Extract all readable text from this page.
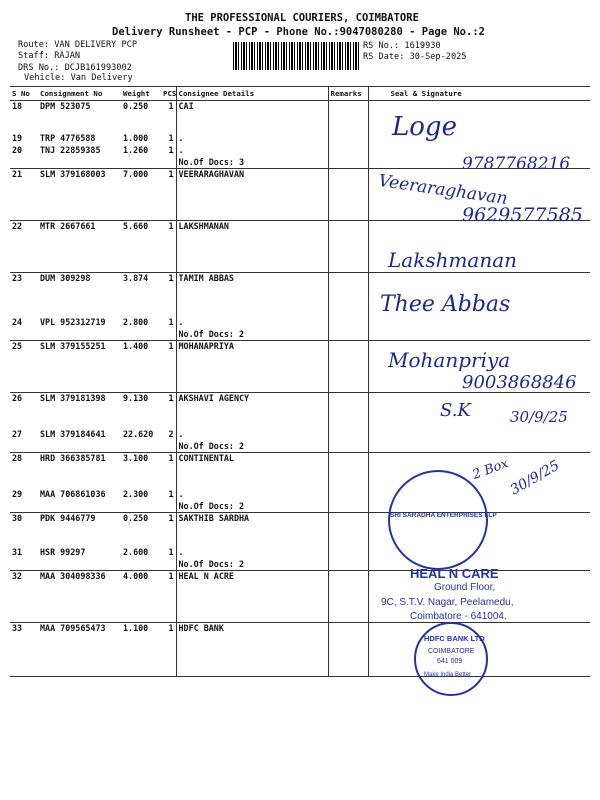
THE PROFESSIONAL COURIERS, COIMBATORE
Delivery Runsheet - PCP - Phone No.:9047080280 - Page No.:2
Route: VAN DELIVERY PCP
Staff: RAJAN
DRS No.: DCJB161993002
Vehicle: Van Delivery
RS No.: 1619930
RS Date: 30-Sep-2025
S No	Consignment No	Weight	PCS	Consignee Details	Remarks	Seal & Signature
18	DPM 523075	0.250	1	CAI		
19	TRP 4776588	1.000	1	.		
20	TNJ 22859385	1.260	1	.		
				No.Of Docs: 3		
21	SLM 379168003	7.000	1	VEERARAGHAVAN		
22	MTR 2667661	5.660	1	LAKSHMANAN		
23	DUM 309298	3.874	1	TAMIM ABBAS		
24	VPL 952312719	2.800	1	.		
				No.Of Docs: 2		
25	SLM 379155251	1.400	1	MOHANAPRIYA		
26	SLM 379181398	9.130	1	AKSHAVI AGENCY		
27	SLM 379184641	22.620	2	.		
				No.Of Docs: 2		
28	HRD 366385781	3.100	1	CONTINENTAL		
29	MAA 706861036	2.300	1	.		
				No.Of Docs: 2		
30	PDK 9446779	0.250	1	SAKTHIB SARDHA		
31	HSR 99297	2.600	1	.		
				No.Of Docs: 2		
32	MAA 304098336	4.000	1	HEAL N ACRE		
33	MAA 709565473	1.100	1	HDFC BANK		
Loge
9787768216
Veeraraghavan
9629577585
Lakshmanan
Thee Abbas
Mohanpriya
9003868846
S.K	30/9/25
2 Box
30/9/25
SRI SARADHA ENTERPRISES LLP
HEAL N CARE
Ground Floor,
9C, S.T.V. Nagar, Peelamedu,
Coimbatore - 641004.
HDFC BANK LTD
COIMBATORE
641 009
Make India Better
